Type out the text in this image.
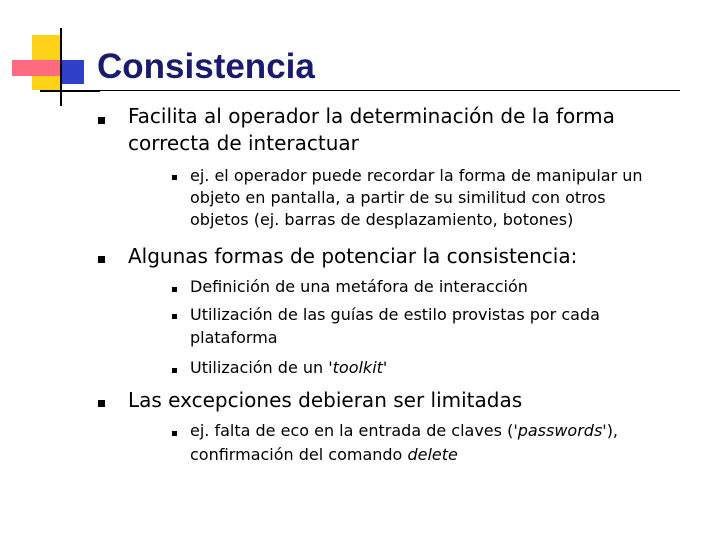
Consistencia
Facilita al operador la determinación de la forma
correcta de interactuar
ej. el operador puede recordar la forma de manipular un
objeto en pantalla, a partir de su similitud con otros
objetos (ej. barras de desplazamiento, botones)
Algunas formas de potenciar la consistencia:
Definición de una metáfora de interacción
Utilización de las guías de estilo provistas por cada
plataforma
Utilización de un 'toolkit'
Las excepciones debieran ser limitadas
ej. falta de eco en la entrada de claves ('passwords'),
confirmación del comando delete
